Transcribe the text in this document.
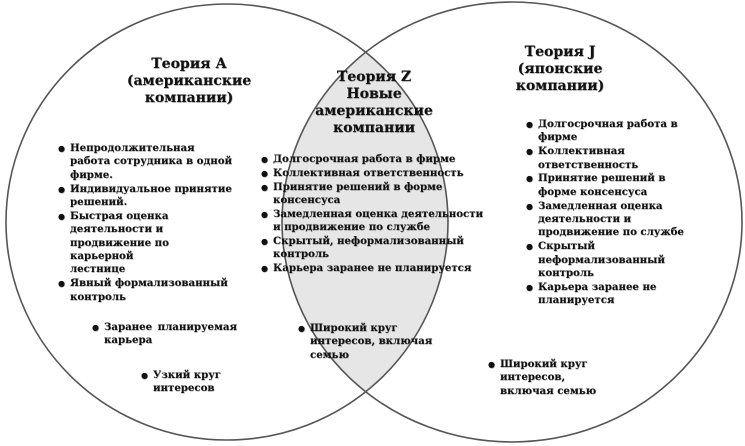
Теория А
(американские
компании)
● Непродолжительная работа сотрудника в одной фирме.
● Индивидуальное принятие решений.
● Быстрая оценка деятельности и продвижение по карьерной лестнице
● Явный формализованный контроль
● Заранее планируемая карьера
● Узкий круг интересов
Теория Z
Новые
американские
компании
● Долгосрочная работа в фирме
● Коллективная ответственность
● Принятие решений в форме консенсуса
● Замедленная оценка деятельности и продвижение по службе
● Скрытый, неформализованный контроль
● Карьера заранее не планируется
● Широкий круг интересов, включая семью
Теория J
(японские
компании)
● Долгосрочная работа в фирме
● Коллективная ответственность
● Принятие решений в форме консенсуса
● Замедленная оценка деятельности и продвижение по службе
● Скрытый неформализованный контроль
● Карьера заранее не планируется
● Широкий круг интересов, включая семью
